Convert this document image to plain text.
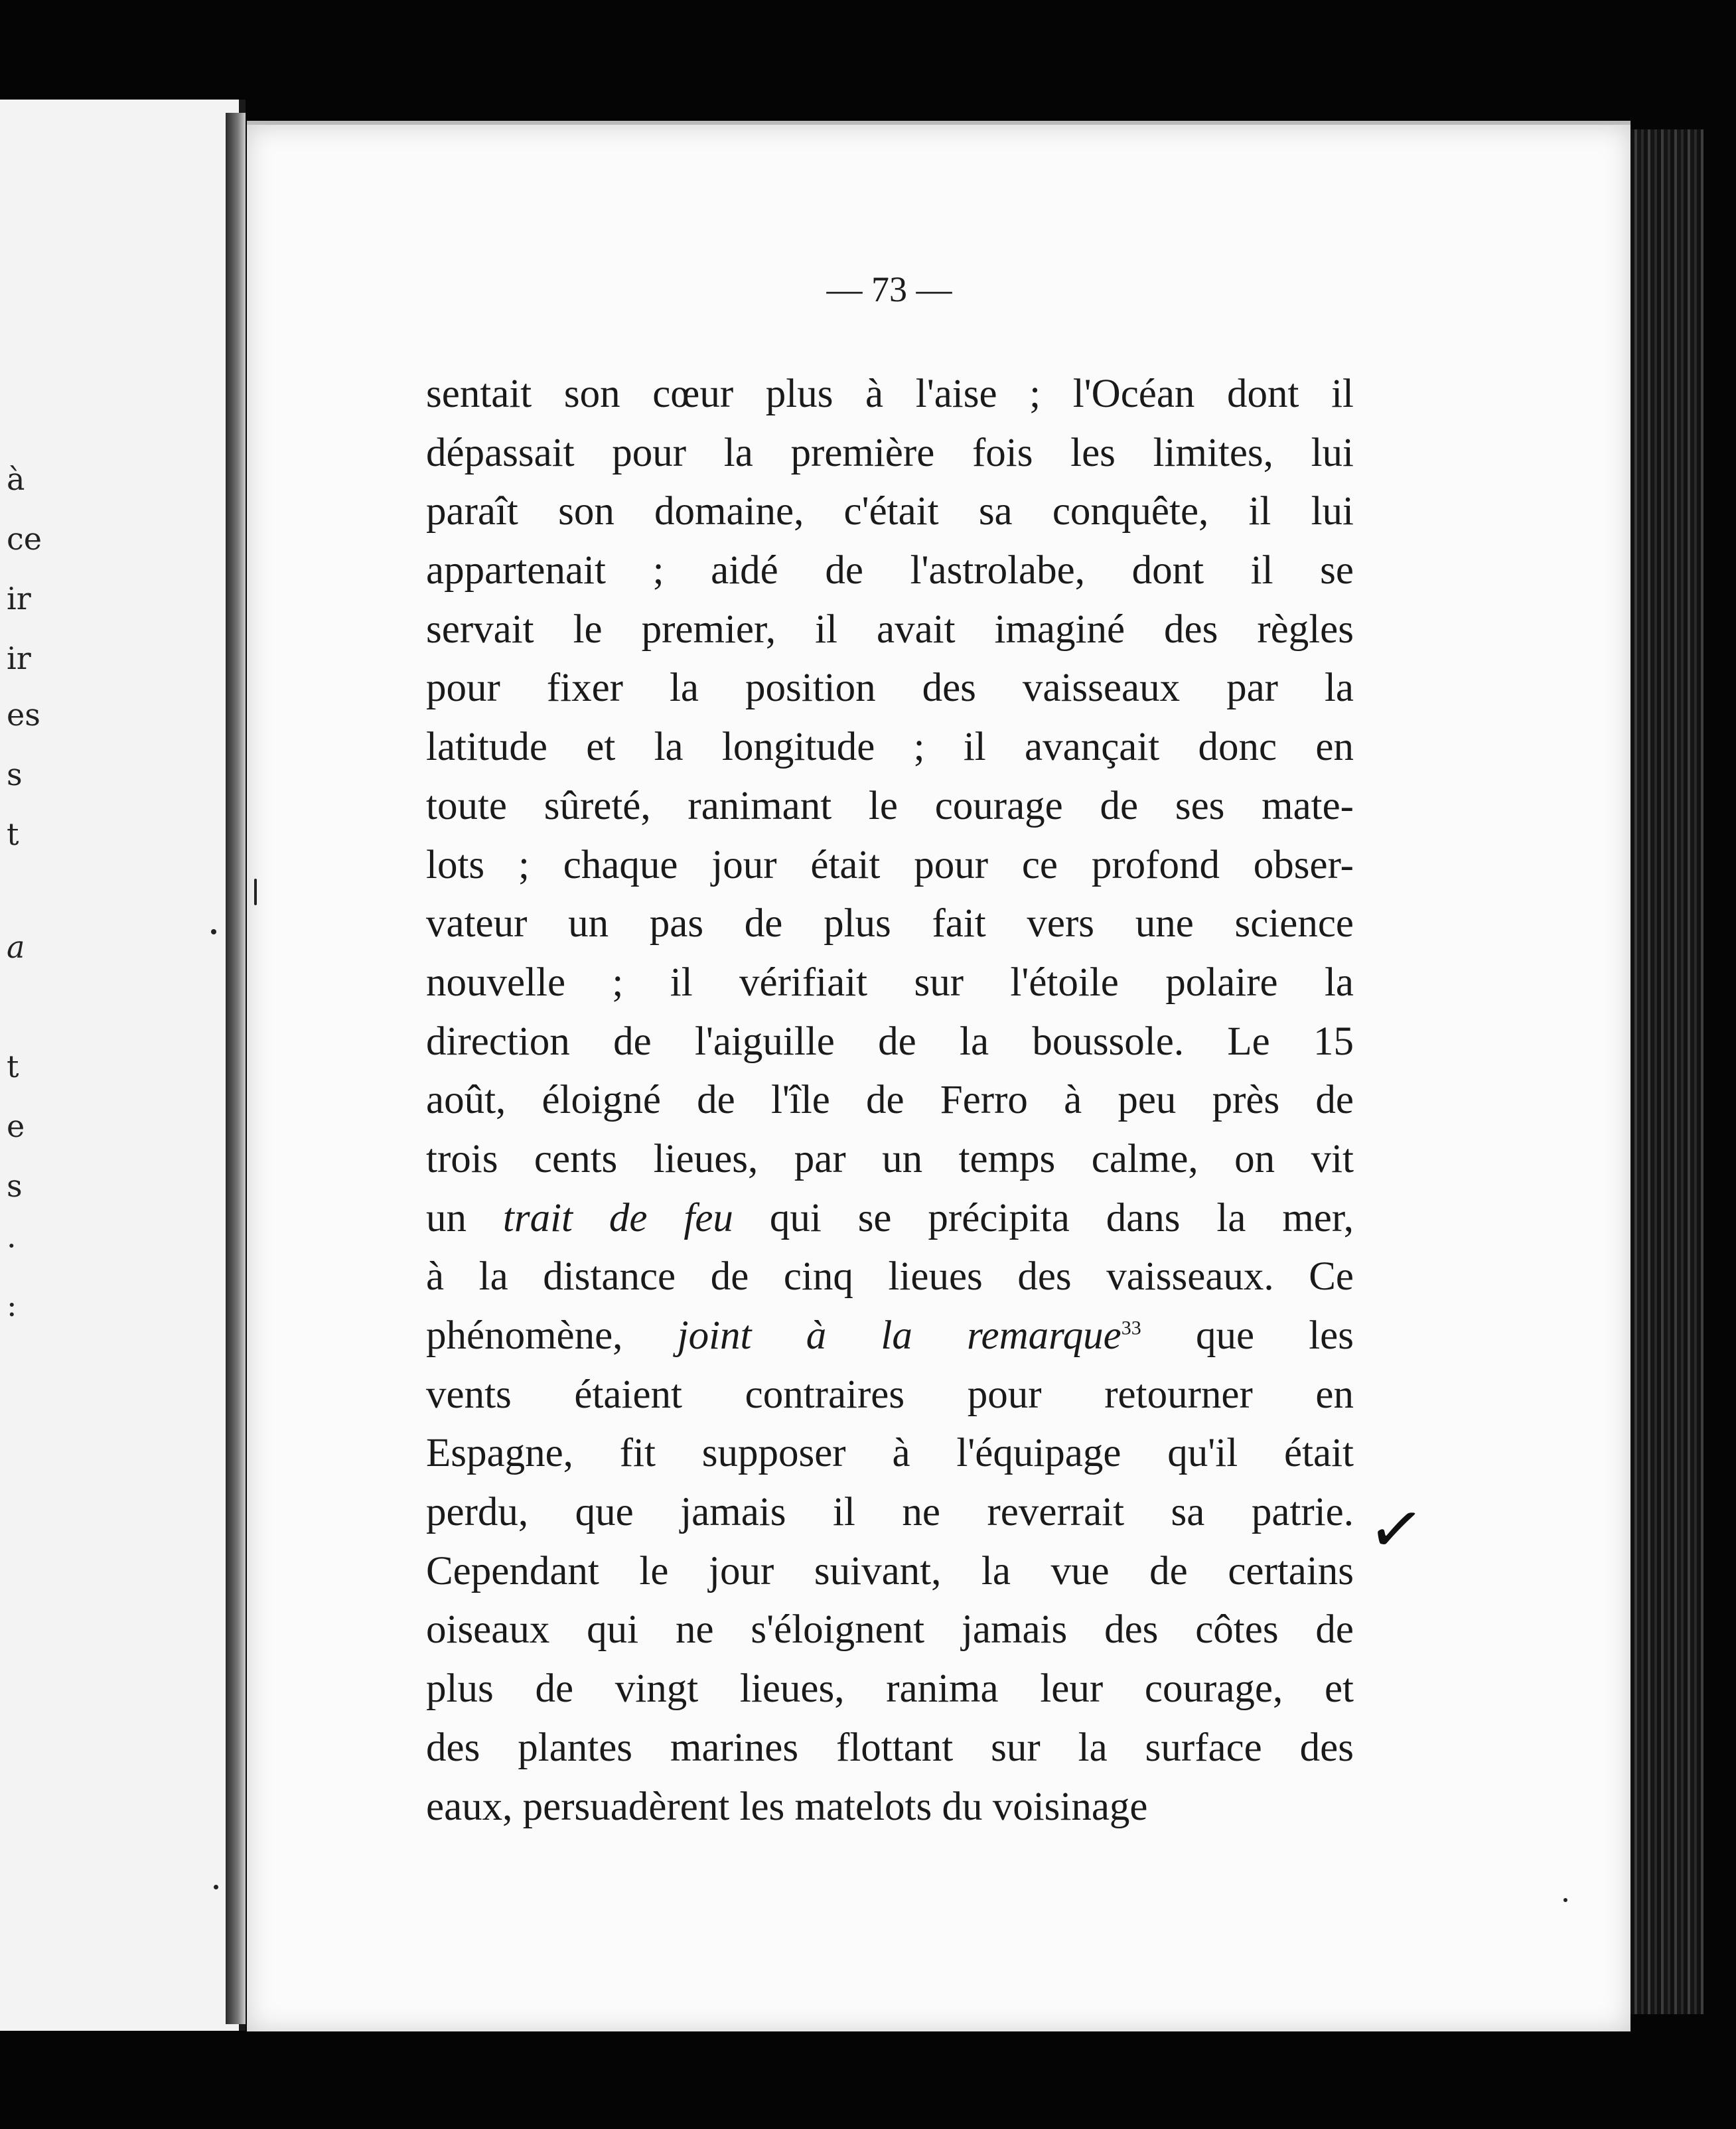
à
ce
ir
ir
es
s
t
a
t
e
s
·
:
— 73 —
sentait son cœur plus à l'aise ; l'Océan dont il
dépassait pour la première fois les limites, lui
paraît son domaine, c'était sa conquête, il lui
appartenait ; aidé de l'astrolabe, dont il se
servait le premier, il avait imaginé des règles
pour fixer la position des vaisseaux par la
latitude et la longitude ; il avançait donc en
toute sûreté, ranimant le courage de ses mate-
lots ; chaque jour était pour ce profond obser-
vateur un pas de plus fait vers une science
nouvelle ; il vérifiait sur l'étoile polaire la
direction de l'aiguille de la boussole. Le 15
août, éloigné de l'île de Ferro à peu près de
trois cents lieues, par un temps calme, on vit
un trait de feu qui se précipita dans la mer,
à la distance de cinq lieues des vaisseaux. Ce
phénomène, joint à la remarque$^{33}$ que les
vents étaient contraires pour retourner en
Espagne, fit supposer à l'équipage qu'il était
perdu, que jamais il ne reverrait sa patrie.
Cependant le jour suivant, la vue de certains
oiseaux qui ne s'éloignent jamais des côtes de
plus de vingt lieues, ranima leur courage, et
des plantes marines flottant sur la surface des
eaux, persuadèrent les matelots du voisinage
✓
